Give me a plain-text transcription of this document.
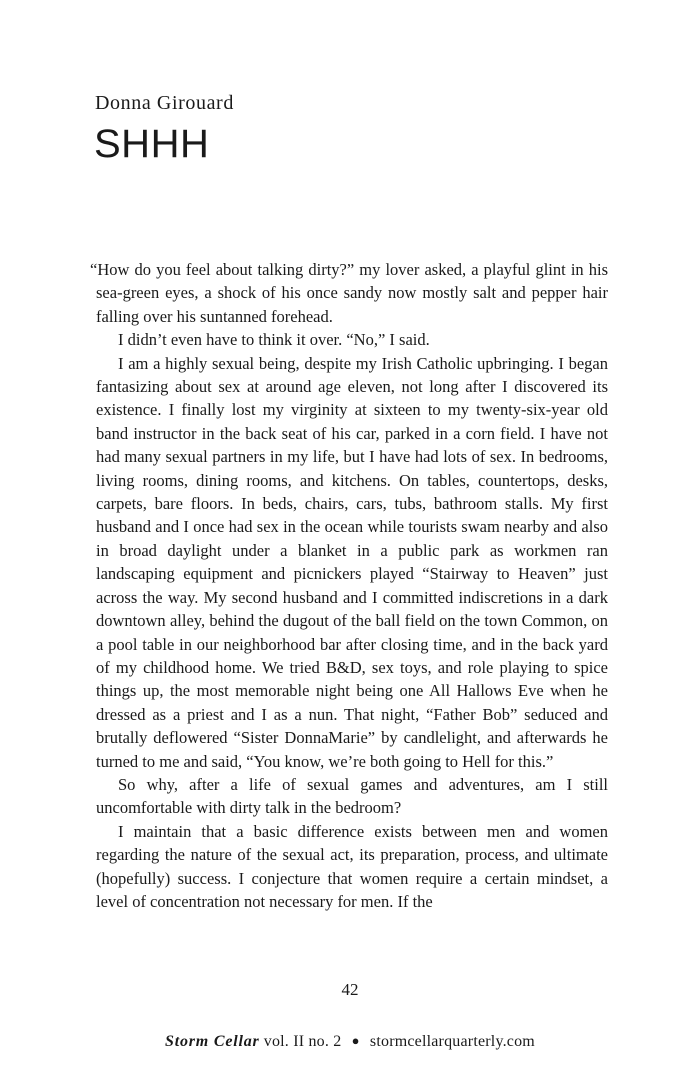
Donna Girouard
SHHH

“How do you feel about talking dirty?” my lover asked, a playful glint in his sea-green eyes, a shock of his once sandy now mostly salt and pepper hair falling over his suntanned forehead.

I didn’t even have to think it over. “No,” I said.

I am a highly sexual being, despite my Irish Catholic upbringing. I began fantasizing about sex at around age eleven, not long after I discovered its existence. I finally lost my virginity at sixteen to my twenty-six-year old band instructor in the back seat of his car, parked in a corn field. I have not had many sexual partners in my life, but I have had lots of sex. In bedrooms, living rooms, dining rooms, and kitchens. On tables, countertops, desks, carpets, bare floors. In beds, chairs, cars, tubs, bathroom stalls. My first husband and I once had sex in the ocean while tourists swam nearby and also in broad daylight under a blanket in a public park as workmen ran landscaping equipment and picnickers played “Stairway to Heaven” just across the way. My second husband and I committed indiscretions in a dark downtown alley, behind the dugout of the ball field on the town Common, on a pool table in our neighborhood bar after closing time, and in the back yard of my childhood home. We tried B&D, sex toys, and role playing to spice things up, the most memorable night being one All Hallows Eve when he dressed as a priest and I as a nun. That night, “Father Bob” seduced and brutally deflowered “Sister DonnaMarie” by candlelight, and afterwards he turned to me and said, “You know, we’re both going to Hell for this.”

So why, after a life of sexual games and adventures, am I still uncomfortable with dirty talk in the bedroom?

I maintain that a basic difference exists between men and women regarding the nature of the sexual act, its preparation, process, and ultimate (hopefully) success. I conjecture that women require a certain mindset, a level of concentration not necessary for men. If the

42
Storm Cellar vol. II no. 2 ● stormcellarquarterly.com
